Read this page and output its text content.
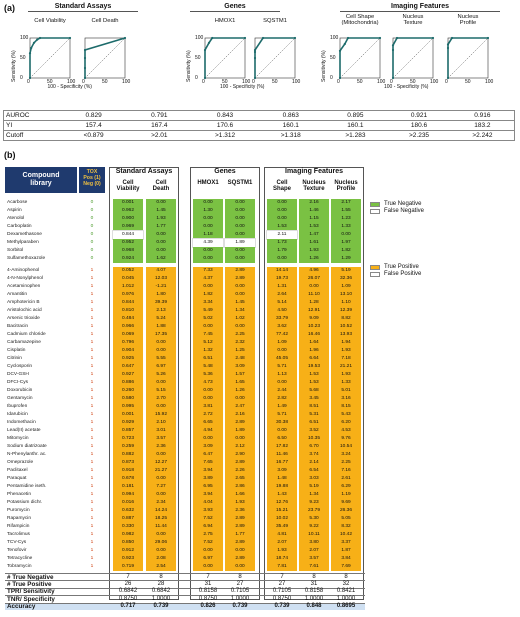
(a)	Standard Assays	Genes	Imaging Features
AUROC	0.829	0.791	0.843	0.863	0.895	0.921	0.916
YI	157.4	167.4	170.6	160.1	160.1	180.6	183.2
Cutoff	<0.879	>2.01	>1.312	>1.318	>1.283	>2.235	>2.242
(b)
Compound
library
TOX
Pos (1)
Neg (0)
Standard Assays	Genes	Imaging Features
Cell
Viability
Cell
Death
HMOX1	SQSTM1	Cell
Shape
Nucleus
Texture
Nucleus
Profile
Acarbose	0	0.001	0.00	0.00	0.00	0.00	2.16	2.17
Aspirin	0	0.962	1.45	1.30	0.00	0.00	1.46	1.55
Atenolol	0	0.900	1.93	0.00	0.00	0.00	1.15	1.23
Carboplatin	0	0.969	1.77	0.00	0.00	1.53	1.53	1.33
Dexamethasone	0	0.844	0.00	1.18	0.00	2.11	1.47	0.00
Methylparaben	0	0.952	0.00	4.39	1.89	1.73	1.61	1.97
Sorbitol	0	0.968	0.00	0.00	0.00	1.79	1.93	1.82
Sulfamethoxazole	0	0.924	1.62	0.00	0.00	0.00	1.26	1.29
4-Aminophenol	1	0.052	4.07	7.33	2.89	14.14	4.96	5.19
4-N-Nonylphenol	1	0.045	12.03	4.37	2.89	19.73	26.07	32.36
Acetaminophen	1	1.012	-1.21	0.00	0.00	1.31	0.00	1.09
Amantitin	1	0.976	1.80	1.82	0.00	2.64	11.10	13.10
Amphotericin B	1	0.844	39.39	3.34	1.45	5.14	1.28	1.10
Aristolochic acid	1	0.810	2.13	5.49	1.34	4.50	12.91	12.39
Arsenic trioxide	1	0.484	5.24	5.02	1.02	33.79	9.09	8.82
Bacitracin	1	0.966	1.88	0.00	0.00	3.62	10.23	10.52
Cadmium chloride	1	0.069	17.35	7.45	2.25	77.42	16.46	13.93
Carbamazepine	1	0.796	0.00	5.12	2.32	1.09	1.64	1.94
Cisplatin	1	0.904	0.00	1.32	1.25	0.00	1.96	1.93
Citrinin	1	0.925	5.55	6.51	2.48	45.05	6.64	7.18
Cyclosporin	1	0.647	6.97	5.48	3.09	5.71	19.53	21.21
DCV-GSH	1	0.927	5.26	5.36	1.57	1.13	1.53	1.93
DFCI-Cys	1	0.886	0.00	4.73	1.65	0.00	1.53	1.33
Doxorubicin	1	0.260	5.15	0.00	1.26	2.44	5.68	5.01
Gentamycin	1	0.580	2.70	0.00	0.00	2.82	3.45	3.16
Ibuprofen	1	0.995	0.00	3.81	2.47	1.49	8.51	8.15
Idarubicin	1	0.001	15.92	2.72	2.16	5.71	5.31	5.43
Indomethacin	1	0.929	2.10	6.65	2.89	30.38	6.51	6.20
Lead(II) acetate	1	0.857	3.01	4.94	1.89	0.00	3.52	4.53
Mitomycin	1	0.723	3.57	0.00	0.00	6.50	10.35	9.76
Sodium diatrizoate	1	0.259	2.36	3.09	2.12	17.82	6.70	10.54
N-Phenylanthr. ac.	1	0.882	0.00	6.47	2.90	11.46	3.74	3.24
Omeprazole	1	0.873	12.27	7.65	2.89	16.77	2.14	2.25
Paclitaxel	1	0.918	21.27	3.94	2.26	3.09	6.54	7.16
Paraquat	1	0.678	0.00	3.89	2.65	1.48	3.03	2.61
Pentamidine iseth.	1	0.181	7.27	6.95	2.86	19.88	5.19	6.29
Phenacetin	1	0.994	0.00	3.94	1.66	1.43	1.34	1.19
Potassium dichr.	1	0.016	2.34	4.04	1.93	12.76	9.23	9.69
Puromycin	1	0.632	14.24	3.93	2.36	15.21	23.79	26.36
Rapamycin	1	0.887	18.25	7.52	2.89	10.02	5.30	5.05
Rifampicin	1	0.330	11.44	6.94	2.89	35.49	9.22	8.32
Tacrolimus	1	0.982	0.00	2.75	1.77	4.81	10.11	10.42
TCV-Cys	1	0.850	29.06	7.52	2.89	2.07	3.80	3.37
Tenofovir	1	0.912	0.00	0.00	0.00	1.93	2.07	1.87
Tetracycline	1	0.923	2.08	6.97	2.89	18.74	3.57	3.84
Tobramycin	1	0.719	2.54	0.00	0.00	7.81	7.61	7.69
# True Negative	7	8	7	8	7	8	8
# True Positive	26	28	31	27	27	31	32
TPR/ Sensitivity	0.6842	0.6842	0.8158	0.7105	0.7105	0.8158	0.8421
TNR/ Specificity	0.8750	1.0000	0.8750	1.0000	0.8750	1.0000	1.0000
Accuracy	0.717	0.739	0.826	0.739	0.739	0.848	0.8695
True Negative
False Negative
True Positive
False Positive
Cell Viability
0	50	100
Cell Death
0	50	100
HMOX1
0	50	100
SQSTM1
0	50	100
Cell Shape
(Mitochondria)
0	50	100
Nucleus
Texture
0	50	100
Nucleus
Profile
0	50	100
0
50
100
Sensitivity (%)	0
50
100
Sensitivity (%)	0
50
100
Sensitivity (%)
100 - Specificity (%)	100 - Specificity (%)	100 - Specificity (%)
